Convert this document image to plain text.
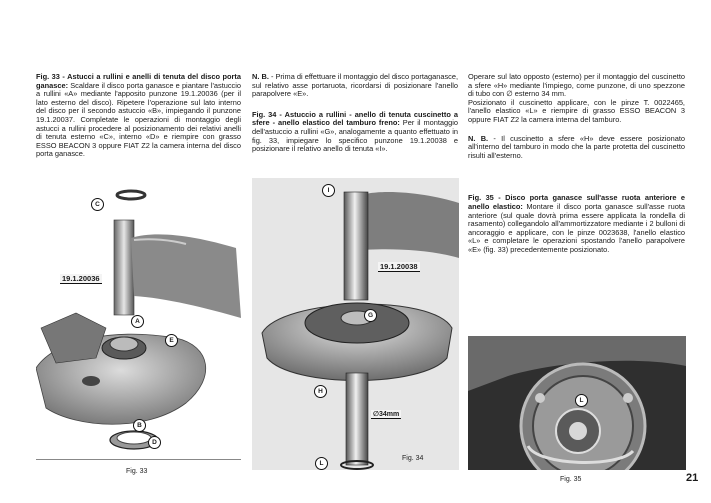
Fig. 33 - Astucci a rullini e anelli di tenuta del disco porta ganasce: Scaldare il disco porta ganasce e piantare l'astuccio a rullini «A» mediante l'apposito punzone 19.1.20036 (per il lato esterno del disco). Ripetere l'operazione sul lato interno del disco per il secondo astuccio «B», impiegando il punzone 19.1.20037. Completate le operazioni di montaggio degli astucci a rullini procedere al posizionamento dei relativi anelli di tenuta esterno «C», interno «D» e riempire con grasso ESSO BEACON 3 oppure FIAT Z2 la camera interna del disco porta ganasce.

N. B. - Prima di effettuare il montaggio del disco portaganasce, sul relativo asse portaruota, ricordarsi di posizionare l'anello parapolvere «E».

Fig. 34 - Astuccio a rullini - anello di tenuta cuscinetto a sfere - anello elastico del tamburo freno: Per il montaggio dell'astuccio a rullini «G», analogamente a quanto effettuato in fig. 33, impiegare lo specifico punzone 19.1.20038 e posizionare il relativo anello di tenuta «I».

Operare sul lato opposto (esterno) per il montaggio del cuscinetto a sfere «H» mediante l'impiego, come punzone, di uno spezzone di tubo con ∅ esterno 34 mm.

Posizionato il cuscinetto applicare, con le pinze T. 0022465, l'anello elastico «L» e riempire di grasso ESSO BEACON 3 oppure FIAT Z2 la camera interna del tamburo.

N. B. - Il cuscinetto a sfere «H» deve essere posizionato all'interno del tamburo in modo che la parte protetta del cuscinetto risulti all'esterno.

Fig. 35 - Disco porta ganasce sull'asse ruota anteriore e anello elastico: Montare il disco porta ganasce sull'asse ruota anteriore (sul quale dovrà prima essere applicata la rondella di rasamento) collegandolo all'ammortizzatore mediante i 2 bulloni di ancoraggio e applicare, con le pinze 0023638, l'anello elastico «L» e completare le operazioni spostando l'anello parapolvere «E» (fig. 33) precedentemente posizionato.

C
19.1.20036
A
E
B
D
Fig. 33
I
19.1.20038
G
H
∅34mm
L
Fig. 34
L
Fig. 35	21
